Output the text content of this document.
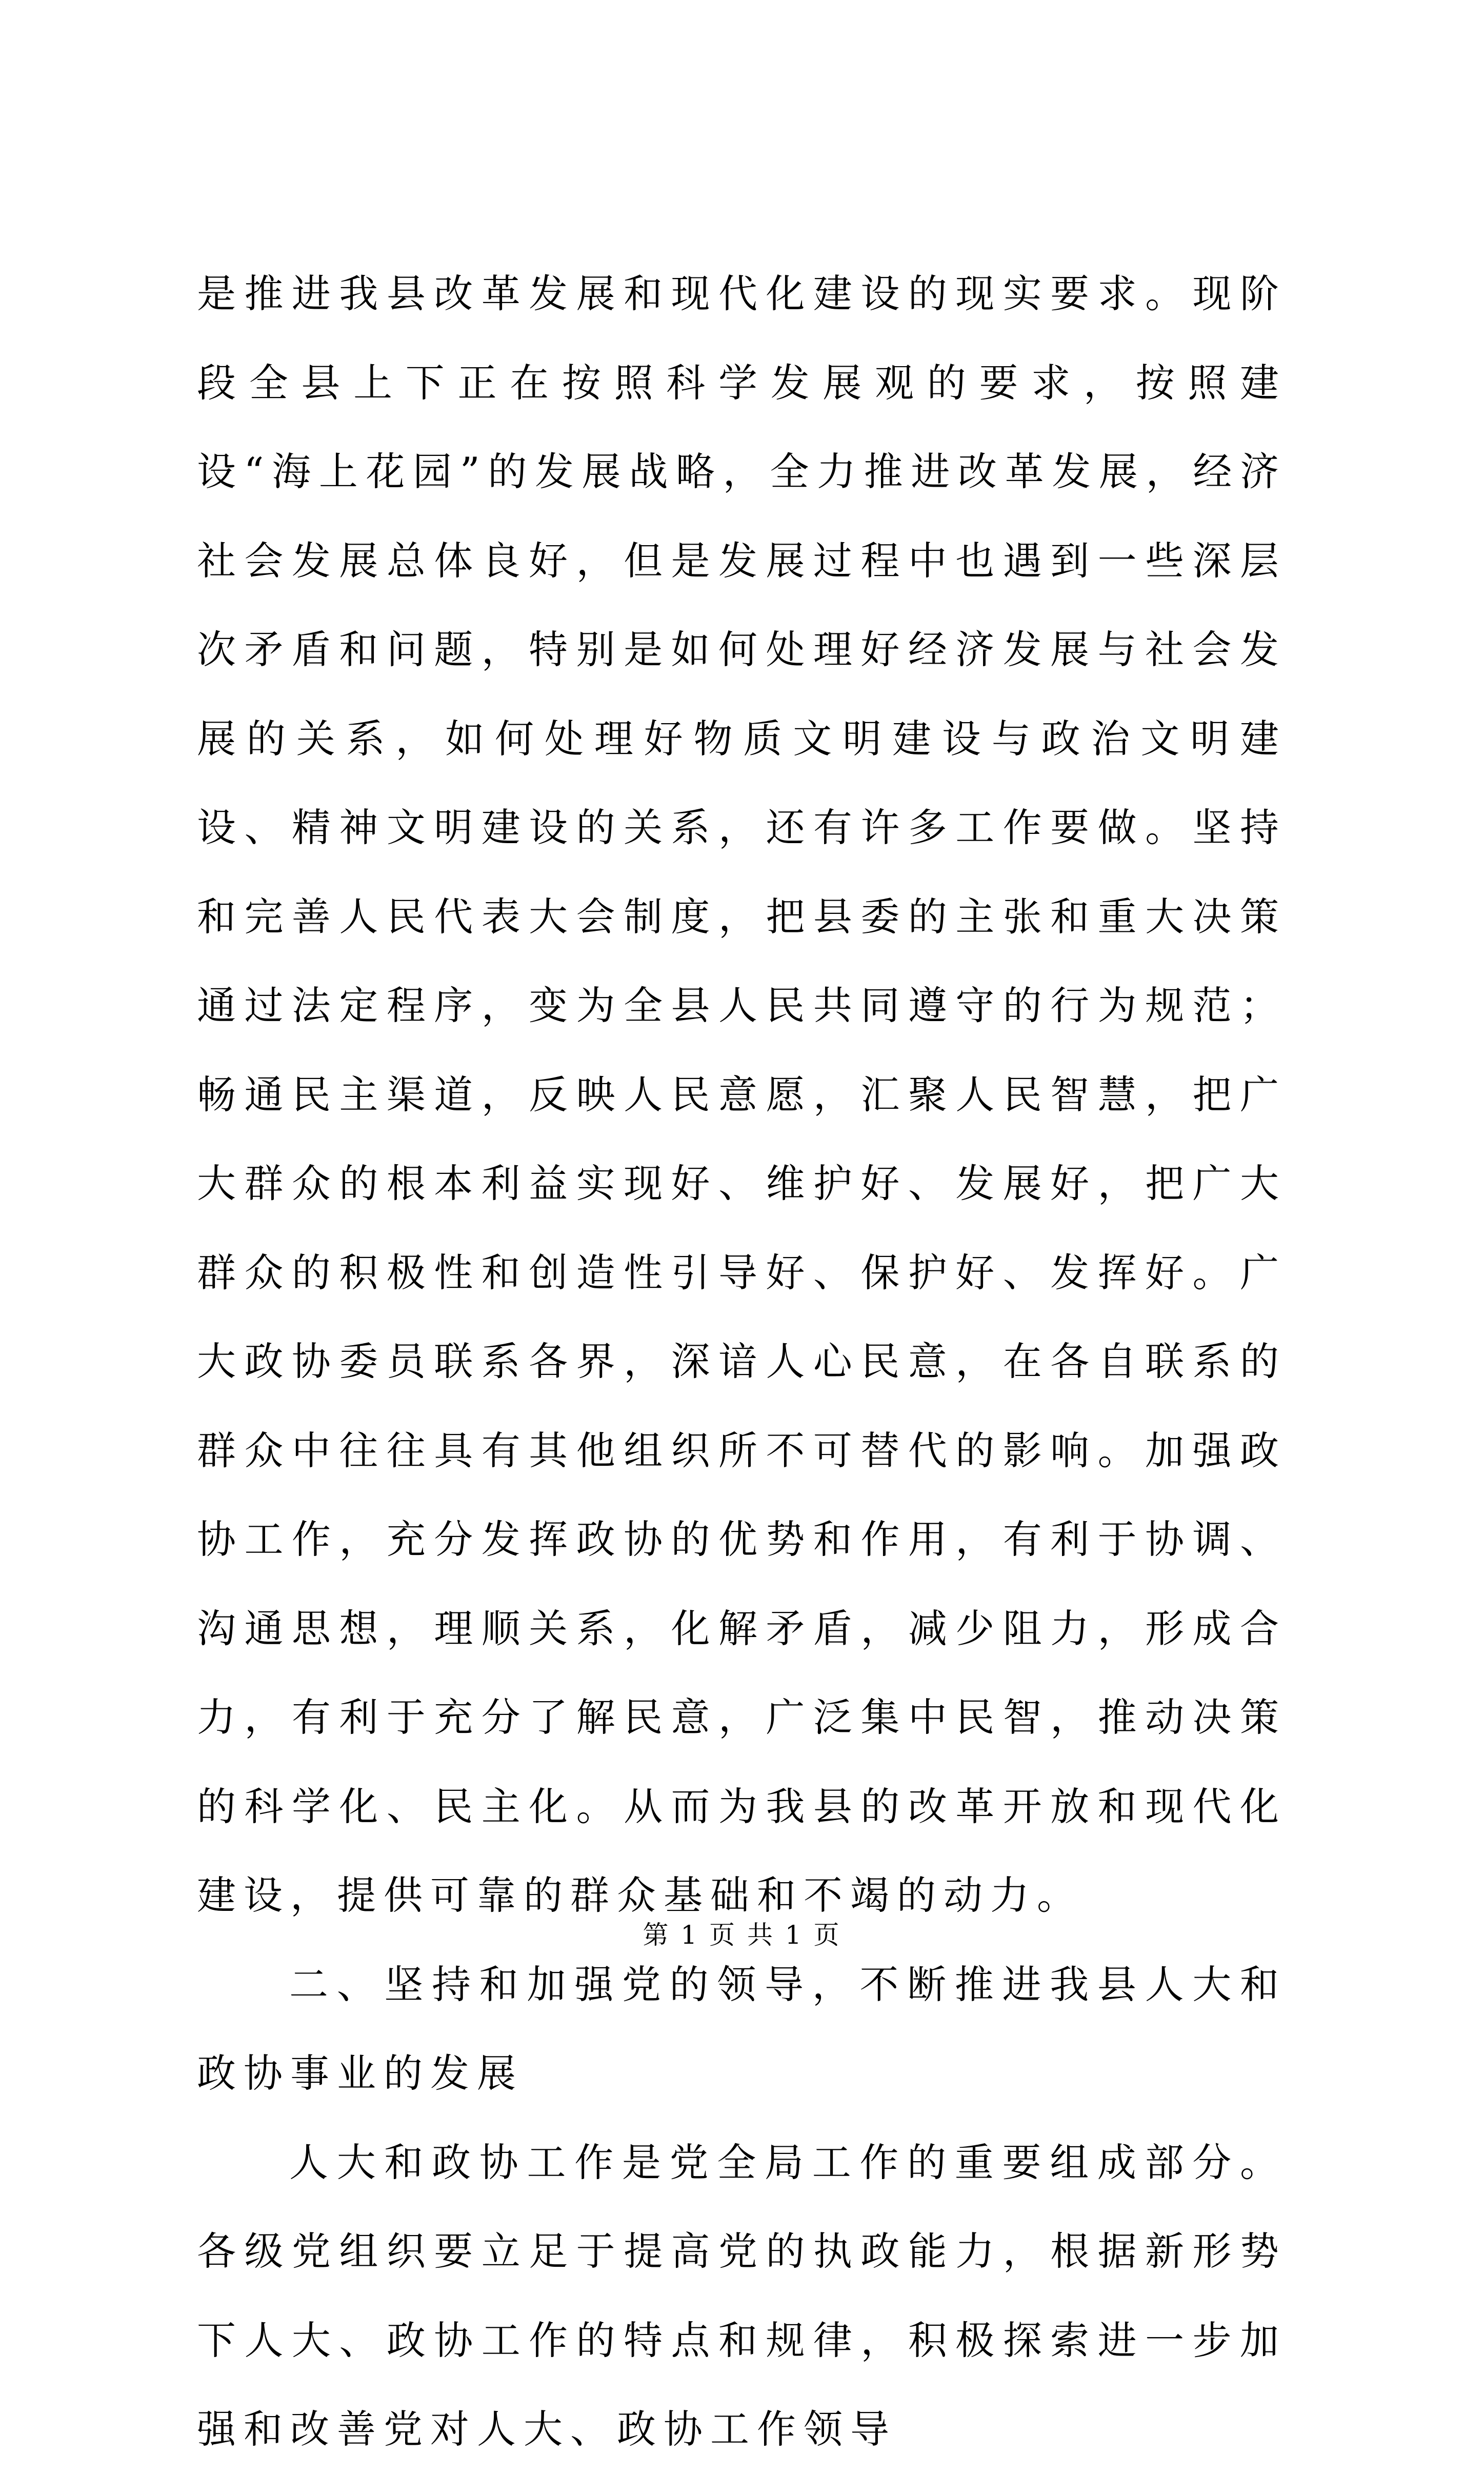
是推进我县改革发展和现代化建设的现实要求。现阶段全县上下正在按照科学发展观的要求，按照建设“海上花园”的发展战略，全力推进改革发展，经济社会发展总体良好，但是发展过程中也遇到一些深层次矛盾和问题，特别是如何处理好经济发展与社会发展的关系，如何处理好物质文明建设与政治文明建设、精神文明建设的关系，还有许多工作要做。坚持和完善人民代表大会制度，把县委的主张和重大决策通过法定程序，变为全县人民共同遵守的行为规范；畅通民主渠道，反映人民意愿，汇聚人民智慧，把广大群众的根本利益实现好、维护好、发展好，把广大群众的积极性和创造性引导好、保护好、发挥好。广大政协委员联系各界，深谙人心民意，在各自联系的群众中往往具有其他组织所不可替代的影响。加强政协工作，充分发挥政协的优势和作用，有利于协调、沟通思想，理顺关系，化解矛盾，减少阻力，形成合力，有利于充分了解民意，广泛集中民智，推动决策的科学化、民主化。从而为我县的改革开放和现代化建设，提供可靠的群众基础和不竭的动力。

二、坚持和加强党的领导，不断推进我县人大和政协事业的发展

人大和政协工作是党全局工作的重要组成部分。各级党组织要立足于提高党的执政能力，根据新形势下人大、政协工作的特点和规律，积极探索进一步加强和改善党对人大、政协工作领导

第 1 页 共 1 页
